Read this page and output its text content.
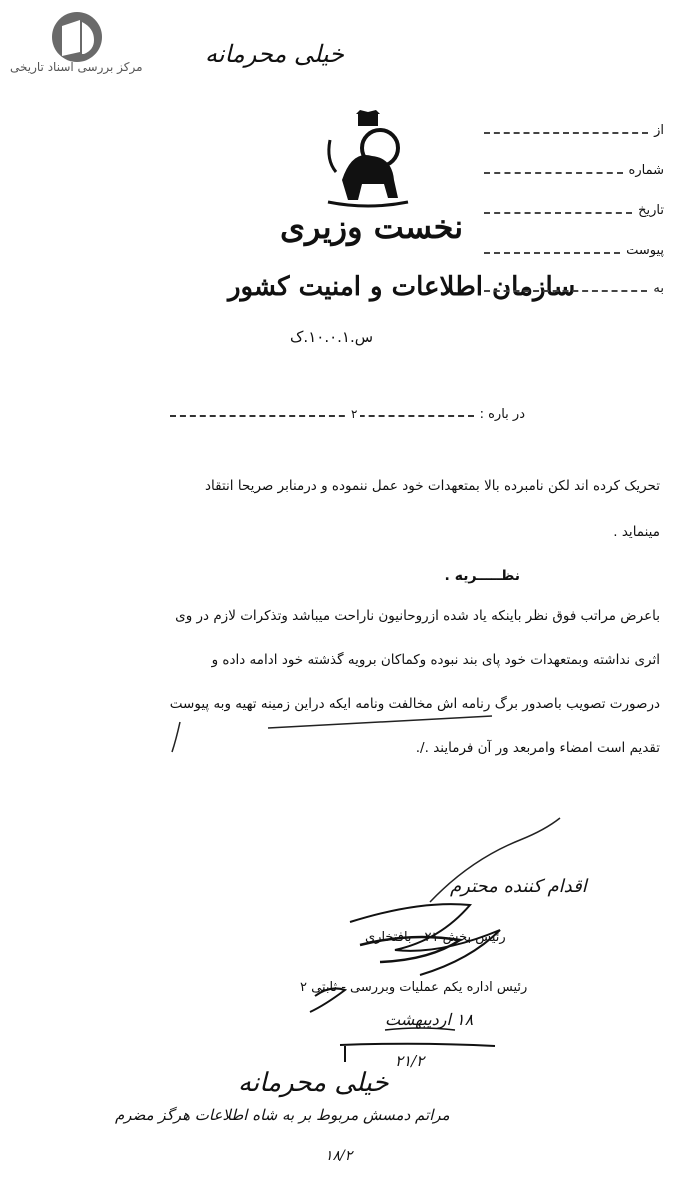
مرکز بررسی اسناد تاریخی	خیلی محرمانه
نخست وزیری
سازمان اطلاعات و امنیت کشور
س.۱۰.۰.۱.ک
از
شماره
تاریخ
پیوست
به
در باره :
۲
تحریک کرده اند لکن نامبرده بالا بمتعهدات خود عمل ننموده و درمنابر صریحا انتقاد
مینماید .
نظـــــریه .
باعرض مراتب فوق نظر باینکه یاد شده ازروحانیون ناراحت میباشد وتذکرات لازم در وی
اثری نداشته وبمتعهدات خود پای بند نبوده وکماکان برویه گذشته خود ادامه داده و
درصورت تصویب باصدور برگ رنامه اش مخالفت ونامه ایکه دراین زمینه تهیه وبه پیوست
تقدیم است امضاء وامربعد ور آن فرمایند ./.
اقدام کننده محترم
رئیس بخش ۲۱ - بافتخاری
رئیس اداره یکم عملیات وبررسی - ثابتی ۲
۱۸ اردیبهشت
۲۱/۲
خیلی محرمانه
مراتم دمسش مربوط بر به شاه اطلاعات هرگز مضرم
۱۸/۲
